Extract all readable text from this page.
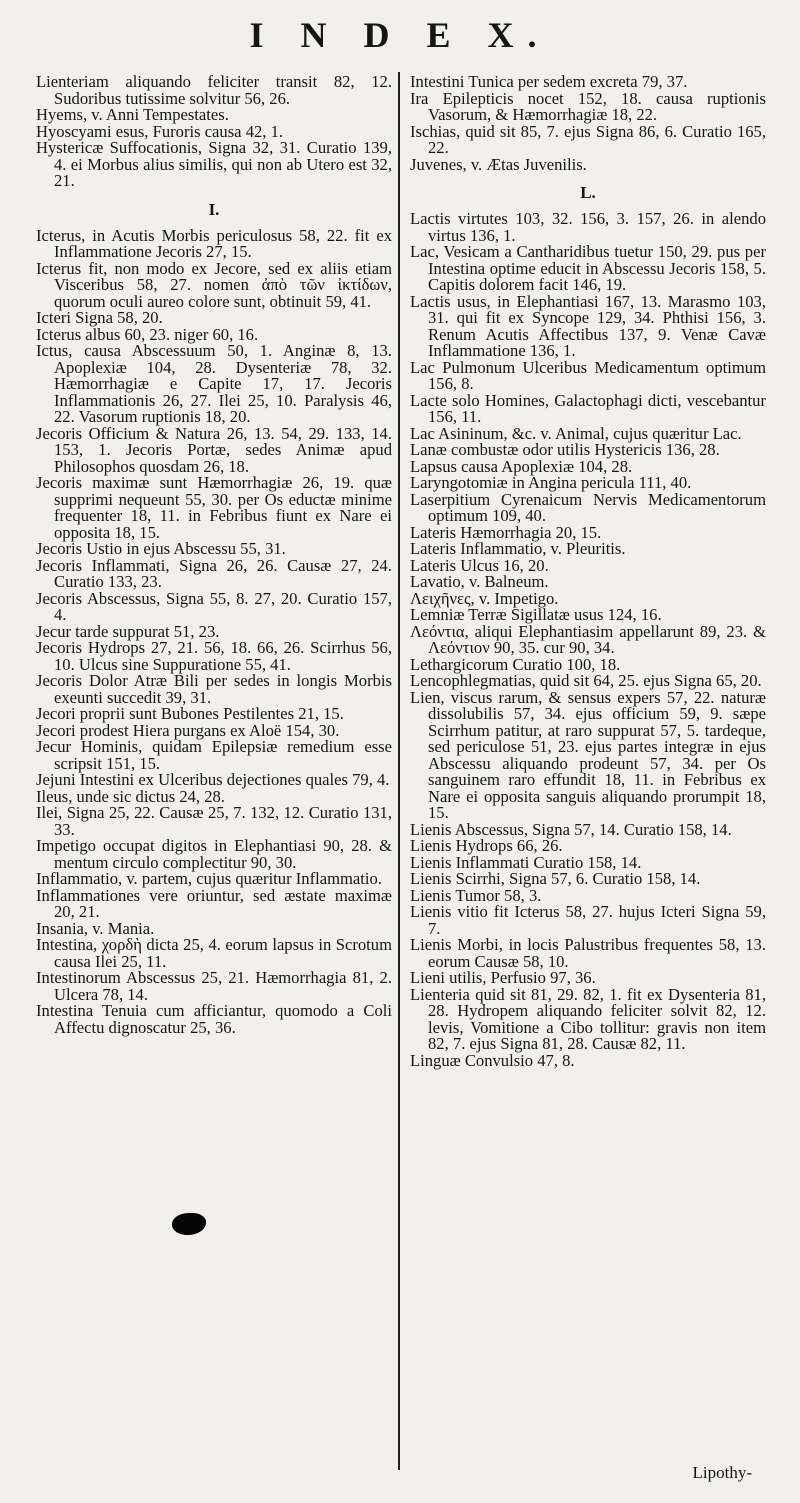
I N D E X.

Lienteriam aliquando feliciter transit 82, 12. Sudoribus tutissime solvitur 56, 26.

Hyems, v. Anni Tempestates.

Hyoscyami esus, Furoris causa 42, 1.

Hystericæ Suffocationis, Signa 32, 31. Curatio 139, 4. ei Morbus alius similis, qui non ab Utero est 32, 21.

I.

Icterus, in Acutis Morbis periculosus 58, 22. fit ex Inflammatione Jecoris 27, 15.

Icterus fit, non modo ex Jecore, sed ex aliis etiam Visceribus 58, 27. nomen ἀπὸ τῶν ἰκτίδων, quorum oculi aureo colore sunt, obtinuit 59, 41.

Icteri Signa 58, 20.

Icterus albus 60, 23. niger 60, 16.

Ictus, causa Abscessuum 50, 1. Anginæ 8, 13. Apoplexiæ 104, 28. Dysenteriæ 78, 32. Hæmorrhagiæ e Capite 17, 17. Jecoris Inflammationis 26, 27. Ilei 25, 10. Paralysis 46, 22. Vasorum ruptionis 18, 20.

Jecoris Officium & Natura 26, 13. 54, 29. 133, 14. 153, 1. Jecoris Portæ, sedes Animæ apud Philosophos quosdam 26, 18.

Jecoris maximæ sunt Hæmorrhagiæ 26, 19. quæ supprimi nequeunt 55, 30. per Os eductæ minime frequenter 18, 11. in Febribus fiunt ex Nare ei opposita 18, 15.

Jecoris Ustio in ejus Abscessu 55, 31.

Jecoris Inflammati, Signa 26, 26. Causæ 27, 24. Curatio 133, 23.

Jecoris Abscessus, Signa 55, 8. 27, 20. Curatio 157, 4.

Jecur tarde suppurat 51, 23.

Jecoris Hydrops 27, 21. 56, 18. 66, 26. Scirrhus 56, 10. Ulcus sine Suppuratione 55, 41.

Jecoris Dolor Atræ Bili per sedes in longis Morbis exeunti succedit 39, 31.

Jecori proprii sunt Bubones Pestilentes 21, 15.

Jecori prodest Hiera purgans ex Aloë 154, 30.

Jecur Hominis, quidam Epilepsiæ remedium esse scripsit 151, 15.

Jejuni Intestini ex Ulceribus dejectiones quales 79, 4.

Ileus, unde sic dictus 24, 28.

Ilei, Signa 25, 22. Causæ 25, 7. 132, 12. Curatio 131, 33.

Impetigo occupat digitos in Elephantiasi 90, 28. & mentum circulo complectitur 90, 30.

Inflammatio, v. partem, cujus quæritur Inflammatio.

Inflammationes vere oriuntur, sed æstate maximæ 20, 21.

Insania, v. Mania.

Intestina, χορδὴ dicta 25, 4. eorum lapsus in Scrotum causa Ilei 25, 11.

Intestinorum Abscessus 25, 21. Hæmorrhagia 81, 2. Ulcera 78, 14.

Intestina Tenuia cum afficiantur, quomodo a Coli Affectu dignoscatur 25, 36.

Intestini Tunica per sedem excreta 79, 37.

Ira Epilepticis nocet 152, 18. causa ruptionis Vasorum, & Hæmorrhagiæ 18, 22.

Ischias, quid sit 85, 7. ejus Signa 86, 6. Curatio 165, 22.

Juvenes, v. Ætas Juvenilis.

L.

Lactis virtutes 103, 32. 156, 3. 157, 26. in alendo virtus 136, 1.

Lac, Vesicam a Cantharidibus tuetur 150, 29. pus per Intestina optime educit in Abscessu Jecoris 158, 5. Capitis dolorem facit 146, 19.

Lactis usus, in Elephantiasi 167, 13. Marasmo 103, 31. qui fit ex Syncope 129, 34. Phthisi 156, 3. Renum Acutis Affectibus 137, 9. Venæ Cavæ Inflammatione 136, 1.

Lac Pulmonum Ulceribus Medicamentum optimum 156, 8.

Lacte solo Homines, Galactophagi dicti, vescebantur 156, 11.

Lac Asininum, &c. v. Animal, cujus quæritur Lac.

Lanæ combustæ odor utilis Hystericis 136, 28.

Lapsus causa Apoplexiæ 104, 28.

Laryngotomiæ in Angina pericula 111, 40.

Laserpitium Cyrenaicum Nervis Medicamentorum optimum 109, 40.

Lateris Hæmorrhagia 20, 15.

Lateris Inflammatio, v. Pleuritis.

Lateris Ulcus 16, 20.

Lavatio, v. Balneum.

Λειχῆνες, v. Impetigo.

Lemniæ Terræ Sigillatæ usus 124, 16.

Λεόντια, aliqui Elephantiasim appellarunt 89, 23. & Λεόντιον 90, 35. cur 90, 34.

Lethargicorum Curatio 100, 18.

Lencophlegmatias, quid sit 64, 25. ejus Signa 65, 20.

Lien, viscus rarum, & sensus expers 57, 22. naturæ dissolubilis 57, 34. ejus officium 59, 9. sæpe Scirrhum patitur, at raro suppurat 57, 5. tardeque, sed periculose 51, 23. ejus partes integræ in ejus Abscessu aliquando prodeunt 57, 34. per Os sanguinem raro effundit 18, 11. in Febribus ex Nare ei opposita sanguis aliquando prorumpit 18, 15.

Lienis Abscessus, Signa 57, 14. Curatio 158, 14.

Lienis Hydrops 66, 26.

Lienis Inflammati Curatio 158, 14.

Lienis Scirrhi, Signa 57, 6. Curatio 158, 14.

Lienis Tumor 58, 3.

Lienis vitio fit Icterus 58, 27. hujus Icteri Signa 59, 7.

Lienis Morbi, in locis Palustribus frequentes 58, 13. eorum Causæ 58, 10.

Lieni utilis, Perfusio 97, 36.

Lienteria quid sit 81, 29. 82, 1. fit ex Dysenteria 81, 28. Hydropem aliquando feliciter solvit 82, 12. levis, Vomitione a Cibo tollitur: gravis non item 82, 7. ejus Signa 81, 28. Causæ 82, 11.

Linguæ Convulsio 47, 8.

Lipothy-
